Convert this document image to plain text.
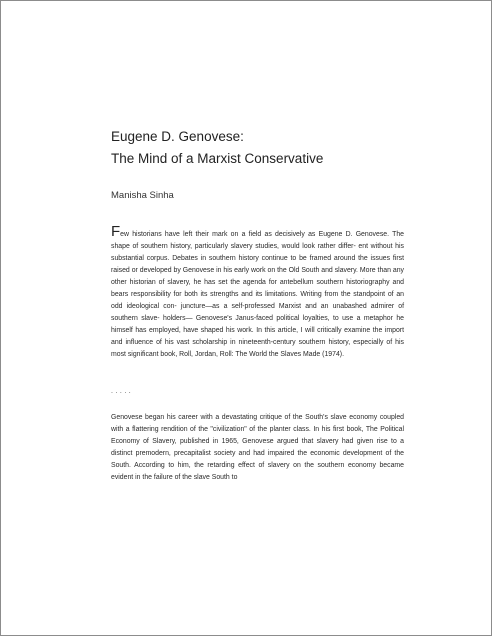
Eugene D. Genovese:
The Mind of a Marxist Conservative
Manisha Sinha

Few historians have left their mark on a field as decisively as Eugene D. Genovese. The shape of southern history, particularly slavery studies, would look rather differ- ent without his substantial corpus. Debates in southern history continue to be framed around the issues first raised or developed by Genovese in his early work on the Old South and slavery. More than any other historian of slavery, he has set the agenda for antebellum southern historiography and bears responsibility for both its strengths and its limitations. Writing from the standpoint of an odd ideological con- juncture—as a self-professed Marxist and an unabashed admirer of southern slave- holders— Genovese's Janus-faced political loyalties, to use a metaphor he himself has employed, have shaped his work. In this article, I will critically examine the import and influence of his vast scholarship in nineteenth-century southern history, especially of his most significant book, Roll, Jordan, Roll: The World the Slaves Made (1974).

.....

Genovese began his career with a devastating critique of the South's slave economy coupled with a flattering rendition of the "civilization" of the planter class. In his first book, The Political Economy of Slavery, published in 1965, Genovese argued that slavery had given rise to a distinct premodern, precapitalist society and had impaired the economic development of the South. According to him, the retarding effect of slavery on the southern economy became evident in the failure of the slave South to
